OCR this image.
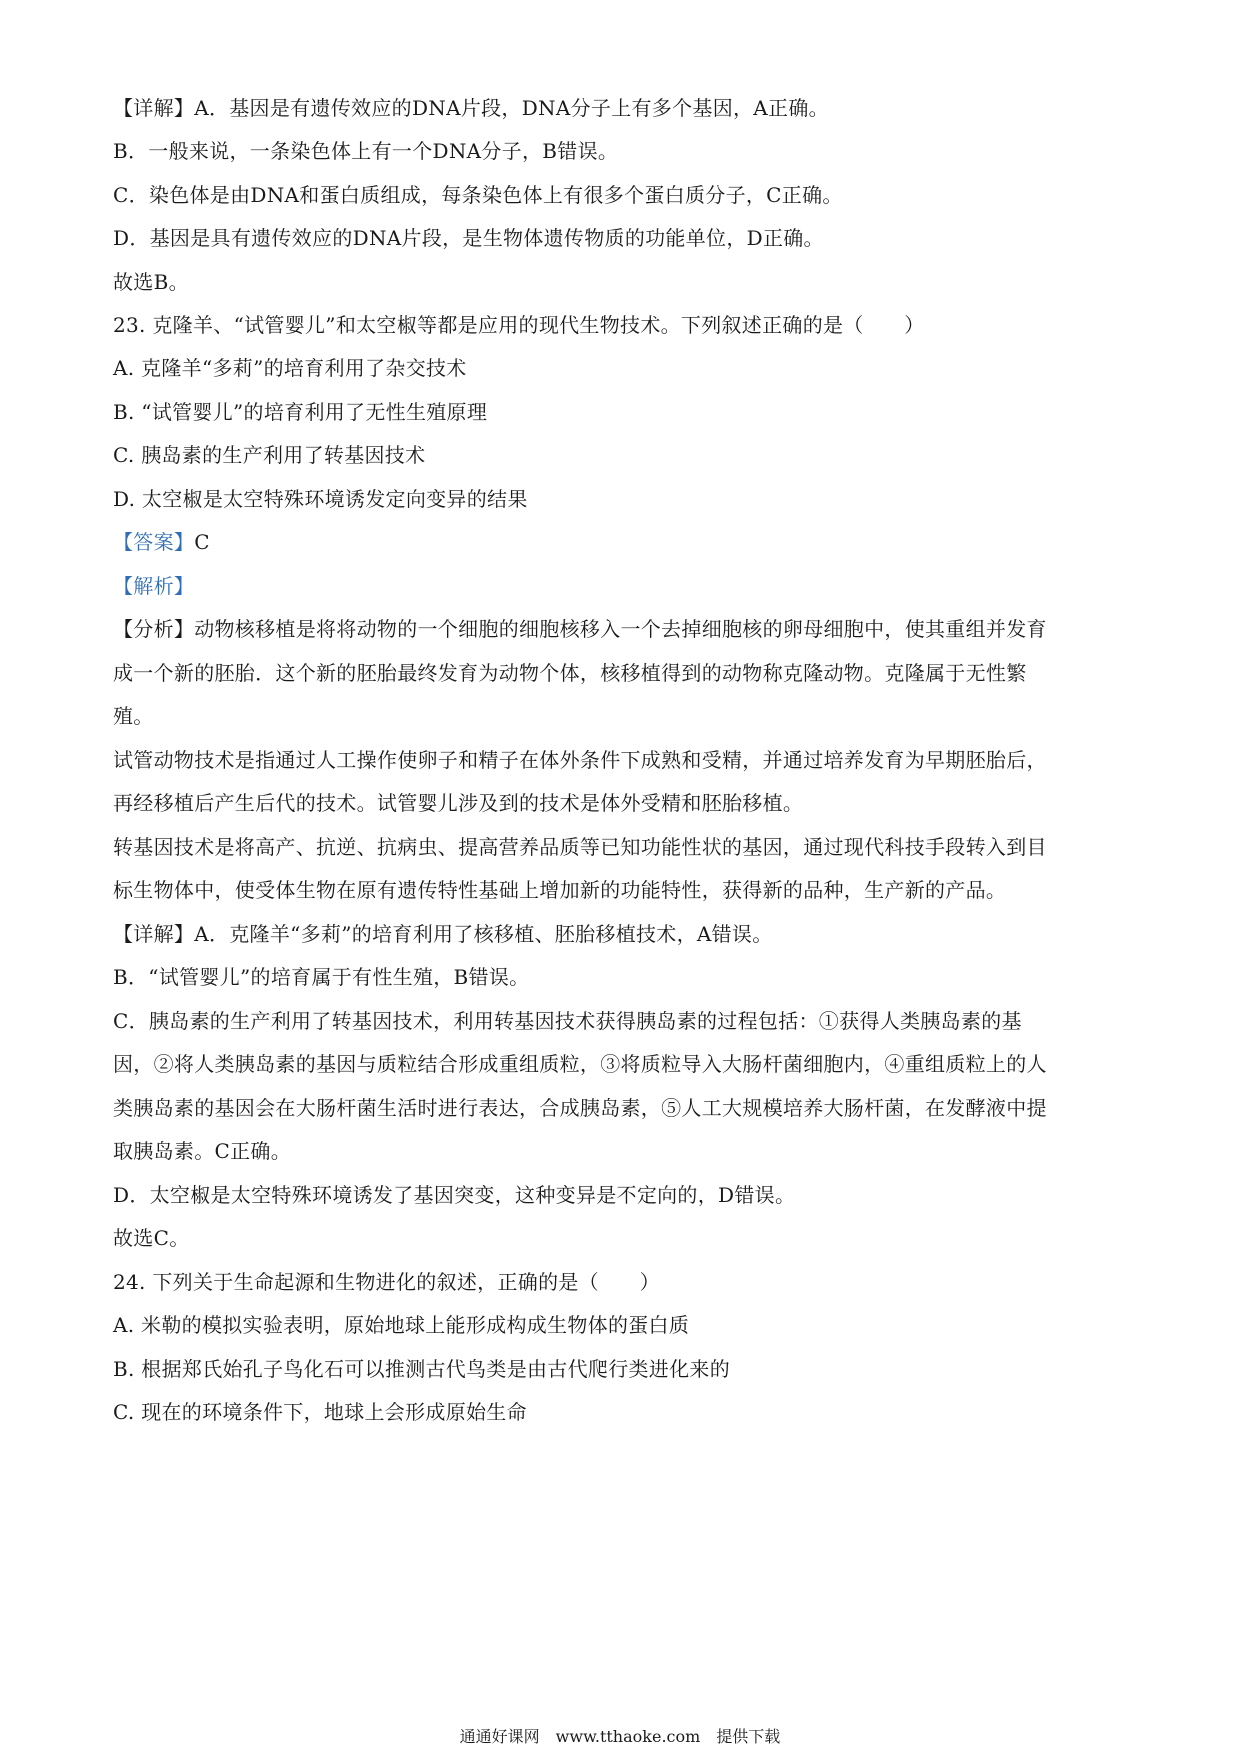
【详解】A．基因是有遗传效应的DNA片段，DNA分子上有多个基因，A正确。
B．一般来说，一条染色体上有一个DNA分子，B错误。
C．染色体是由DNA和蛋白质组成，每条染色体上有很多个蛋白质分子，C正确。
D．基因是具有遗传效应的DNA片段，是生物体遗传物质的功能单位，D正确。
故选B。
23. 克隆羊、“试管婴儿”和太空椒等都是应用的现代生物技术。下列叙述正确的是（　　）
A. 克隆羊“多莉”的培育利用了杂交技术
B. “试管婴儿”的培育利用了无性生殖原理
C. 胰岛素的生产利用了转基因技术
D. 太空椒是太空特殊环境诱发定向变异的结果
【答案】C
【解析】
【分析】动物核移植是将将动物的一个细胞的细胞核移入一个去掉细胞核的卵母细胞中，使其重组并发育
成一个新的胚胎．这个新的胚胎最终发育为动物个体，核移植得到的动物称克隆动物。克隆属于无性繁
殖。
试管动物技术是指通过人工操作使卵子和精子在体外条件下成熟和受精，并通过培养发育为早期胚胎后，
再经移植后产生后代的技术。试管婴儿涉及到的技术是体外受精和胚胎移植。
转基因技术是将高产、抗逆、抗病虫、提高营养品质等已知功能性状的基因，通过现代科技手段转入到目
标生物体中，使受体生物在原有遗传特性基础上增加新的功能特性，获得新的品种，生产新的产品。
【详解】A．克隆羊“多莉”的培育利用了核移植、胚胎移植技术，A错误。
B．“试管婴儿”的培育属于有性生殖，B错误。
C．胰岛素的生产利用了转基因技术，利用转基因技术获得胰岛素的过程包括：①获得人类胰岛素的基
因，②将人类胰岛素的基因与质粒结合形成重组质粒，③将质粒导入大肠杆菌细胞内，④重组质粒上的人
类胰岛素的基因会在大肠杆菌生活时进行表达，合成胰岛素，⑤人工大规模培养大肠杆菌，在发酵液中提
取胰岛素。C正确。
D．太空椒是太空特殊环境诱发了基因突变，这种变异是不定向的，D错误。
故选C。
24. 下列关于生命起源和生物进化的叙述，正确的是（　　）
A. 米勒的模拟实验表明，原始地球上能形成构成生物体的蛋白质
B. 根据郑氏始孔子鸟化石可以推测古代鸟类是由古代爬行类进化来的
C. 现在的环境条件下，地球上会形成原始生命
通通好课网　www.tthaoke.com　提供下载
